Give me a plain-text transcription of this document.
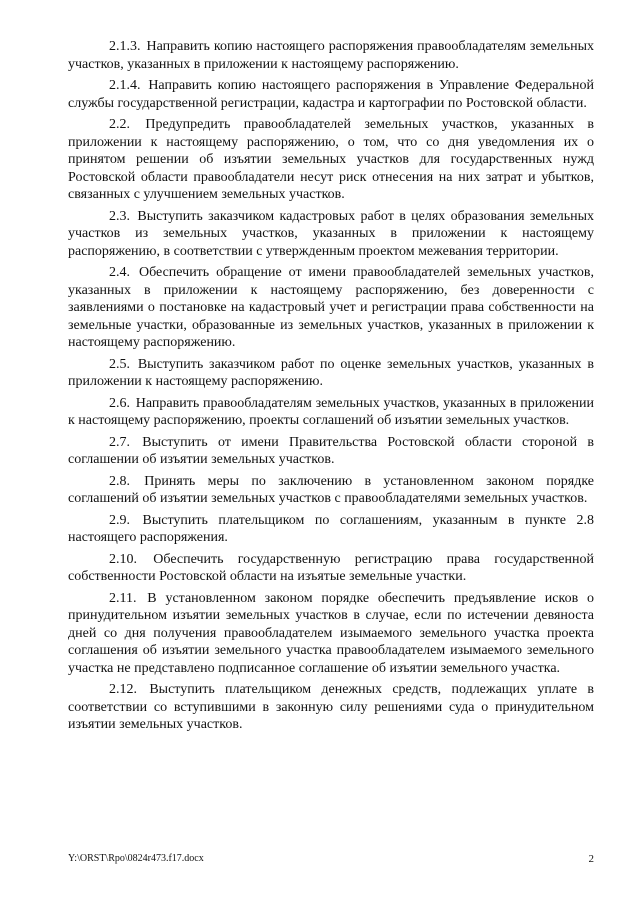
2.1.3. Направить копию настоящего распоряжения правообладателям земельных участков, указанных в приложении к настоящему распоряжению.

2.1.4. Направить копию настоящего распоряжения в Управление Федеральной службы государственной регистрации, кадастра и картографии по Ростовской области.

2.2. Предупредить правообладателей земельных участков, указанных в приложении к настоящему распоряжению, о том, что со дня уведомления их о принятом решении об изъятии земельных участков для государственных нужд Ростовской области правообладатели несут риск отнесения на них затрат и убытков, связанных с улучшением земельных участков.

2.3. Выступить заказчиком кадастровых работ в целях образования земельных участков из земельных участков, указанных в приложении к настоящему распоряжению, в соответствии с утвержденным проектом межевания территории.

2.4. Обеспечить обращение от имени правообладателей земельных участков, указанных в приложении к настоящему распоряжению, без доверенности с заявлениями о постановке на кадастровый учет и регистрации права собственности на земельные участки, образованные из земельных участков, указанных в приложении к настоящему распоряжению.

2.5. Выступить заказчиком работ по оценке земельных участков, указанных в приложении к настоящему распоряжению.

2.6. Направить правообладателям земельных участков, указанных в приложении к настоящему распоряжению, проекты соглашений об изъятии земельных участков.

2.7. Выступить от имени Правительства Ростовской области стороной в соглашении об изъятии земельных участков.

2.8. Принять меры по заключению в установленном законом порядке соглашений об изъятии земельных участков с правообладателями земельных участков.

2.9. Выступить плательщиком по соглашениям, указанным в пункте 2.8 настоящего распоряжения.

2.10. Обеспечить государственную регистрацию права государственной собственности Ростовской области на изъятые земельные участки.

2.11. В установленном законом порядке обеспечить предъявление исков о принудительном изъятии земельных участков в случае, если по истечении девяноста дней со дня получения правообладателем изымаемого земельного участка проекта соглашения об изъятии земельного участка правообладателем изымаемого земельного участка не представлено подписанное соглашение об изъятии земельного участка.

2.12. Выступить плательщиком денежных средств, подлежащих уплате в соответствии со вступившими в законную силу решениями суда о принудительном изъятии земельных участков.

Y:\ORST\Rpo\0824r473.f17.docx	2
